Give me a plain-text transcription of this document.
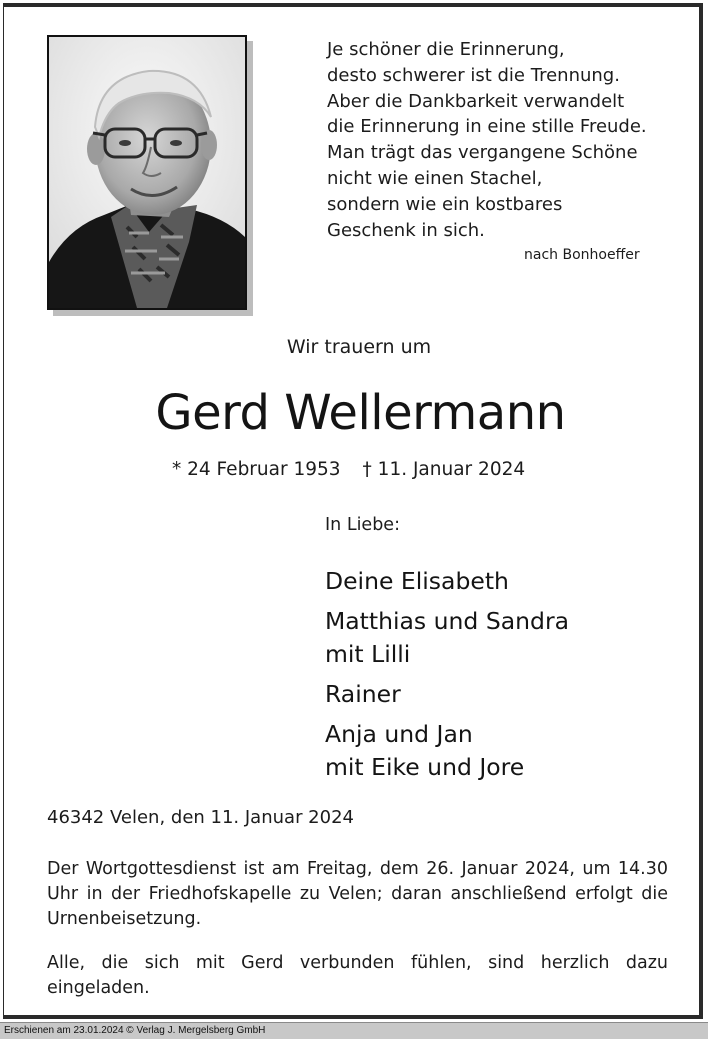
Je schöner die Erinnerung,
desto schwerer ist die Trennung.
Aber die Dankbarkeit verwandelt
die Erinnerung in eine stille Freude.
Man trägt das vergangene Schöne
nicht wie einen Stachel,
sondern wie ein kostbares
Geschenk in sich.
nach Bonhoeffer
Wir trauern um
Gerd Wellermann
* 24 Februar 1953 † 11. Januar 2024
In Liebe:
Deine Elisabeth
Matthias und Sandra
mit Lilli
Rainer
Anja und Jan
mit Eike und Jore
46342 Velen, den 11. Januar 2024
Der Wortgottesdienst ist am Freitag, dem 26. Januar 2024, um 14.30 Uhr in der Friedhofskapelle zu Velen; daran anschließend erfolgt die Urnenbeisetzung.
Alle, die sich mit Gerd verbunden fühlen, sind herzlich dazu eingeladen.
Erschienen am 23.01.2024 © Verlag J. Mergelsberg GmbH
